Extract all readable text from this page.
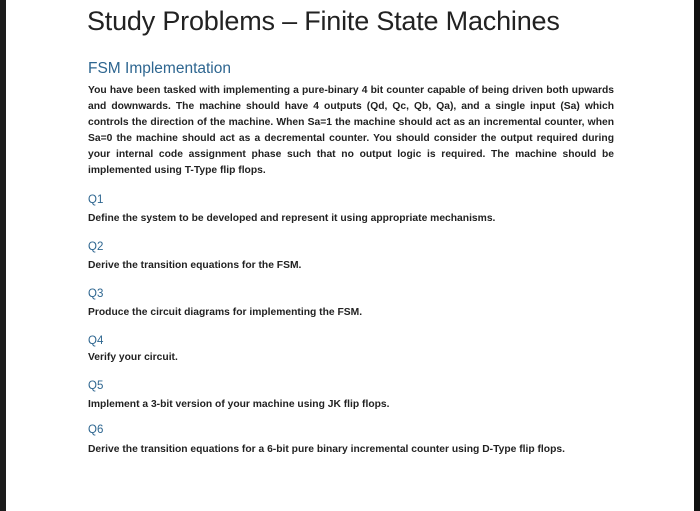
Study Problems – Finite State Machines
FSM Implementation

You have been tasked with implementing a pure-binary 4 bit counter capable of being driven both upwards and downwards. The machine should have 4 outputs (Qd, Qc, Qb, Qa), and a single input (Sa) which controls the direction of the machine. When Sa=1 the machine should act as an incremental counter, when Sa=0 the machine should act as a decremental counter. You should consider the output required during your internal code assignment phase such that no output logic is required. The machine should be implemented using T-Type flip flops.

Q1
Define the system to be developed and represent it using appropriate mechanisms.
Q2
Derive the transition equations for the FSM.
Q3
Produce the circuit diagrams for implementing the FSM.
Q4
Verify your circuit.
Q5
Implement a 3-bit version of your machine using JK flip flops.
Q6
Derive the transition equations for a 6-bit pure binary incremental counter using D-Type flip flops.
